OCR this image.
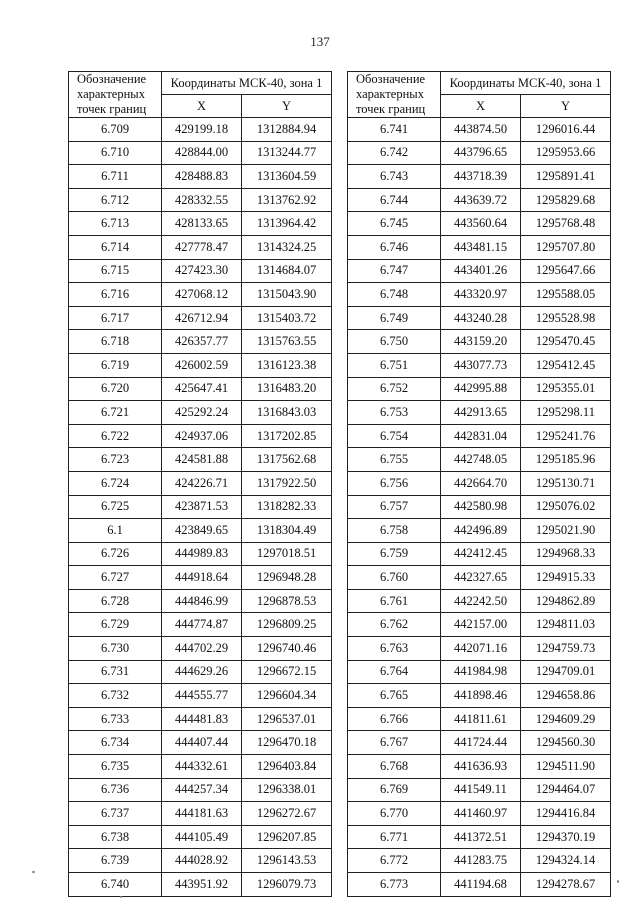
137
Обозначение характерных точек границ	Координаты МСК-40, зона 1	
	X	Y
6.709	429199.18	1312884.94
6.710	428844.00	1313244.77
6.711	428488.83	1313604.59
6.712	428332.55	1313762.92
6.713	428133.65	1313964.42
6.714	427778.47	1314324.25
6.715	427423.30	1314684.07
6.716	427068.12	1315043.90
6.717	426712.94	1315403.72
6.718	426357.77	1315763.55
6.719	426002.59	1316123.38
6.720	425647.41	1316483.20
6.721	425292.24	1316843.03
6.722	424937.06	1317202.85
6.723	424581.88	1317562.68
6.724	424226.71	1317922.50
6.725	423871.53	1318282.33
6.1	423849.65	1318304.49
6.726	444989.83	1297018.51
6.727	444918.64	1296948.28
6.728	444846.99	1296878.53
6.729	444774.87	1296809.25
6.730	444702.29	1296740.46
6.731	444629.26	1296672.15
6.732	444555.77	1296604.34
6.733	444481.83	1296537.01
6.734	444407.44	1296470.18
6.735	444332.61	1296403.84
6.736	444257.34	1296338.01
6.737	444181.63	1296272.67
6.738	444105.49	1296207.85
6.739	444028.92	1296143.53
6.740	443951.92	1296079.73
Обозначение характерных точек границ	Координаты МСК-40, зона 1	
	X	Y
6.741	443874.50	1296016.44
6.742	443796.65	1295953.66
6.743	443718.39	1295891.41
6.744	443639.72	1295829.68
6.745	443560.64	1295768.48
6.746	443481.15	1295707.80
6.747	443401.26	1295647.66
6.748	443320.97	1295588.05
6.749	443240.28	1295528.98
6.750	443159.20	1295470.45
6.751	443077.73	1295412.45
6.752	442995.88	1295355.01
6.753	442913.65	1295298.11
6.754	442831.04	1295241.76
6.755	442748.05	1295185.96
6.756	442664.70	1295130.71
6.757	442580.98	1295076.02
6.758	442496.89	1295021.90
6.759	442412.45	1294968.33
6.760	442327.65	1294915.33
6.761	442242.50	1294862.89
6.762	442157.00	1294811.03
6.763	442071.16	1294759.73
6.764	441984.98	1294709.01
6.765	441898.46	1294658.86
6.766	441811.61	1294609.29
6.767	441724.44	1294560.30
6.768	441636.93	1294511.90
6.769	441549.11	1294464.07
6.770	441460.97	1294416.84
6.771	441372.51	1294370.19
6.772	441283.75	1294324.14
6.773	441194.68	1294278.67
